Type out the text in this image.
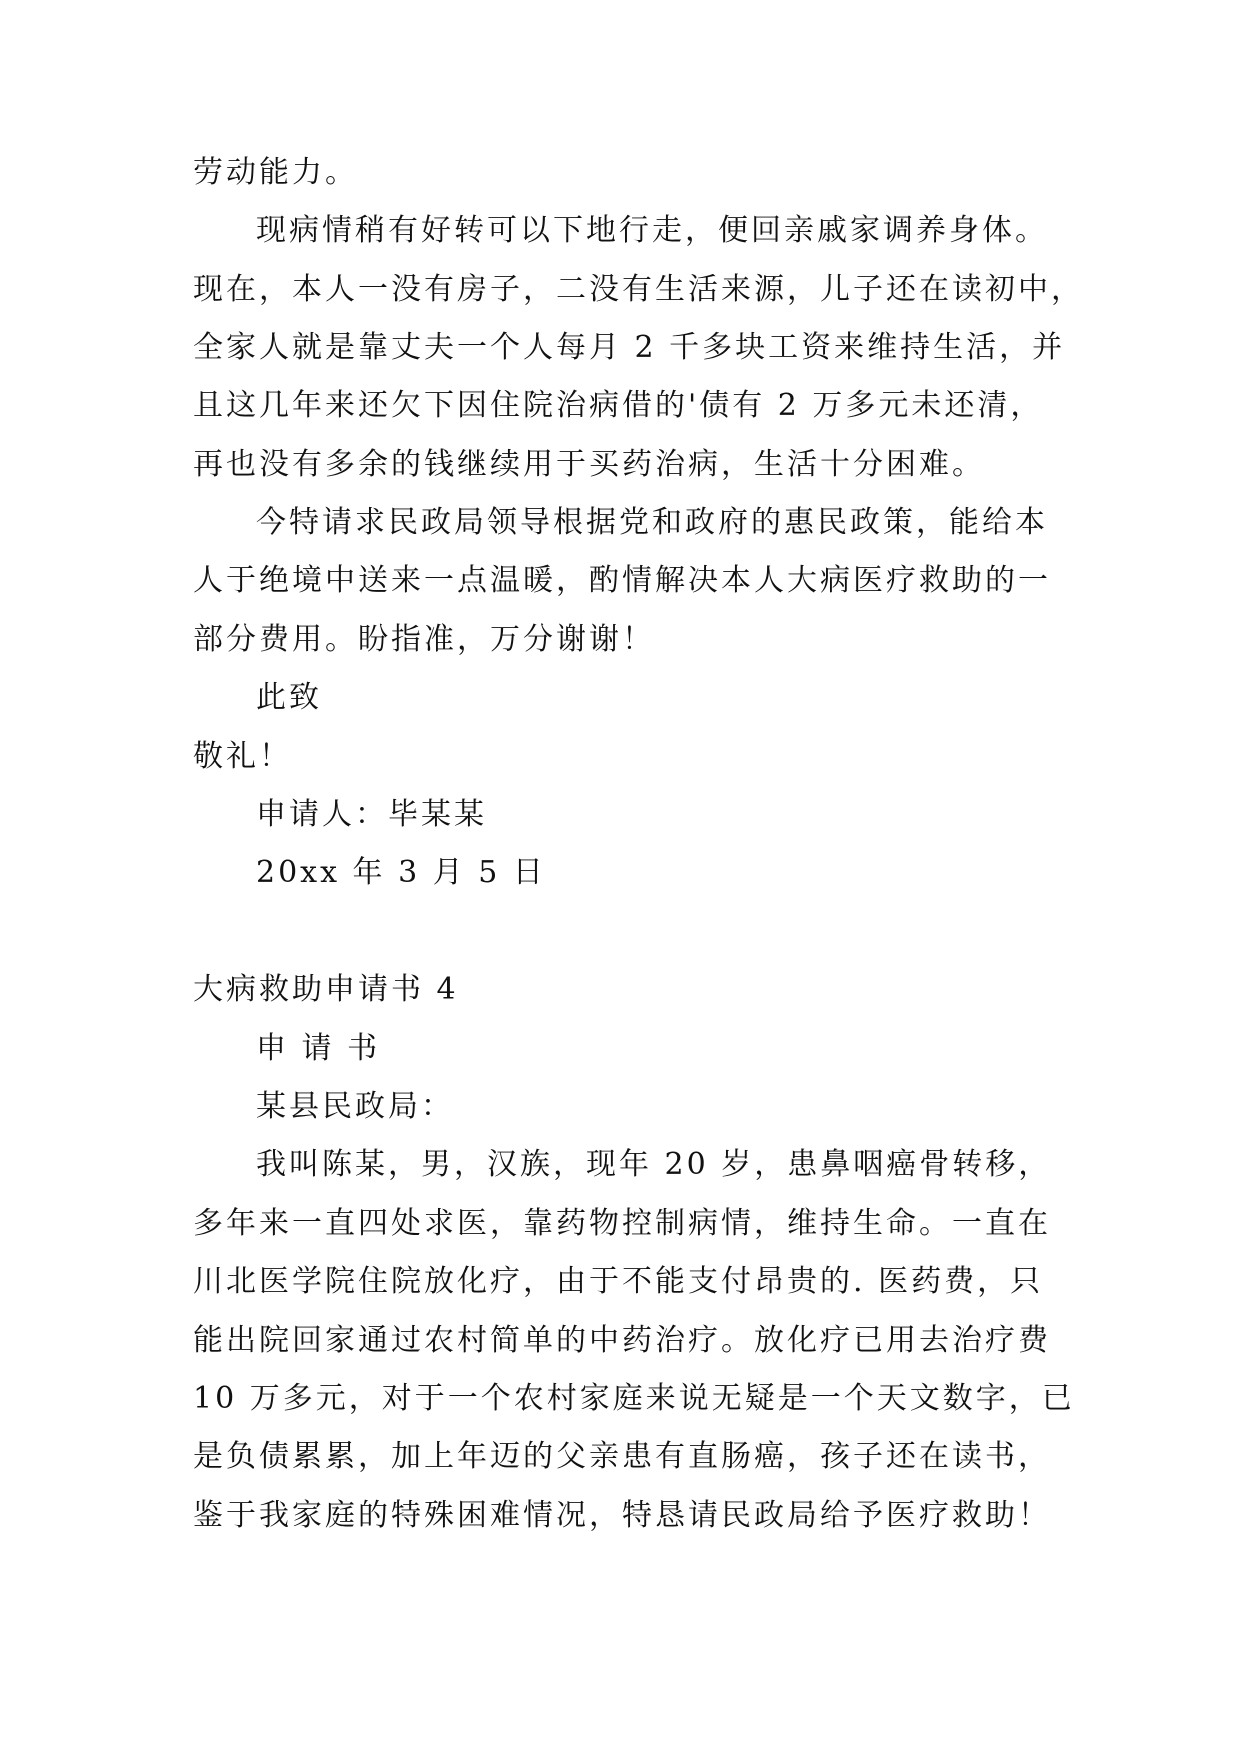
劳动能力。
现病情稍有好转可以下地行走，便回亲戚家调养身体。
现在，本人一没有房子，二没有生活来源，儿子还在读初中，
全家人就是靠丈夫一个人每月 2 千多块工资来维持生活，并
且这几年来还欠下因住院治病借的'债有 2 万多元未还清，
再也没有多余的钱继续用于买药治病，生活十分困难。
今特请求民政局领导根据党和政府的惠民政策，能给本
人于绝境中送来一点温暖，酌情解决本人大病医疗救助的一
部分费用。盼指准，万分谢谢！
此致
敬礼！
申请人：毕某某
20xx 年 3 月 5 日
大病救助申请书 4
申 请 书
某县民政局：
我叫陈某，男，汉族，现年 20 岁，患鼻咽癌骨转移，
多年来一直四处求医，靠药物控制病情，维持生命。一直在
川北医学院住院放化疗，由于不能支付昂贵的. 医药费，只
能出院回家通过农村简单的中药治疗。放化疗已用去治疗费
10 万多元，对于一个农村家庭来说无疑是一个天文数字，已
是负债累累，加上年迈的父亲患有直肠癌，孩子还在读书，
鉴于我家庭的特殊困难情况，特恳请民政局给予医疗救助！
